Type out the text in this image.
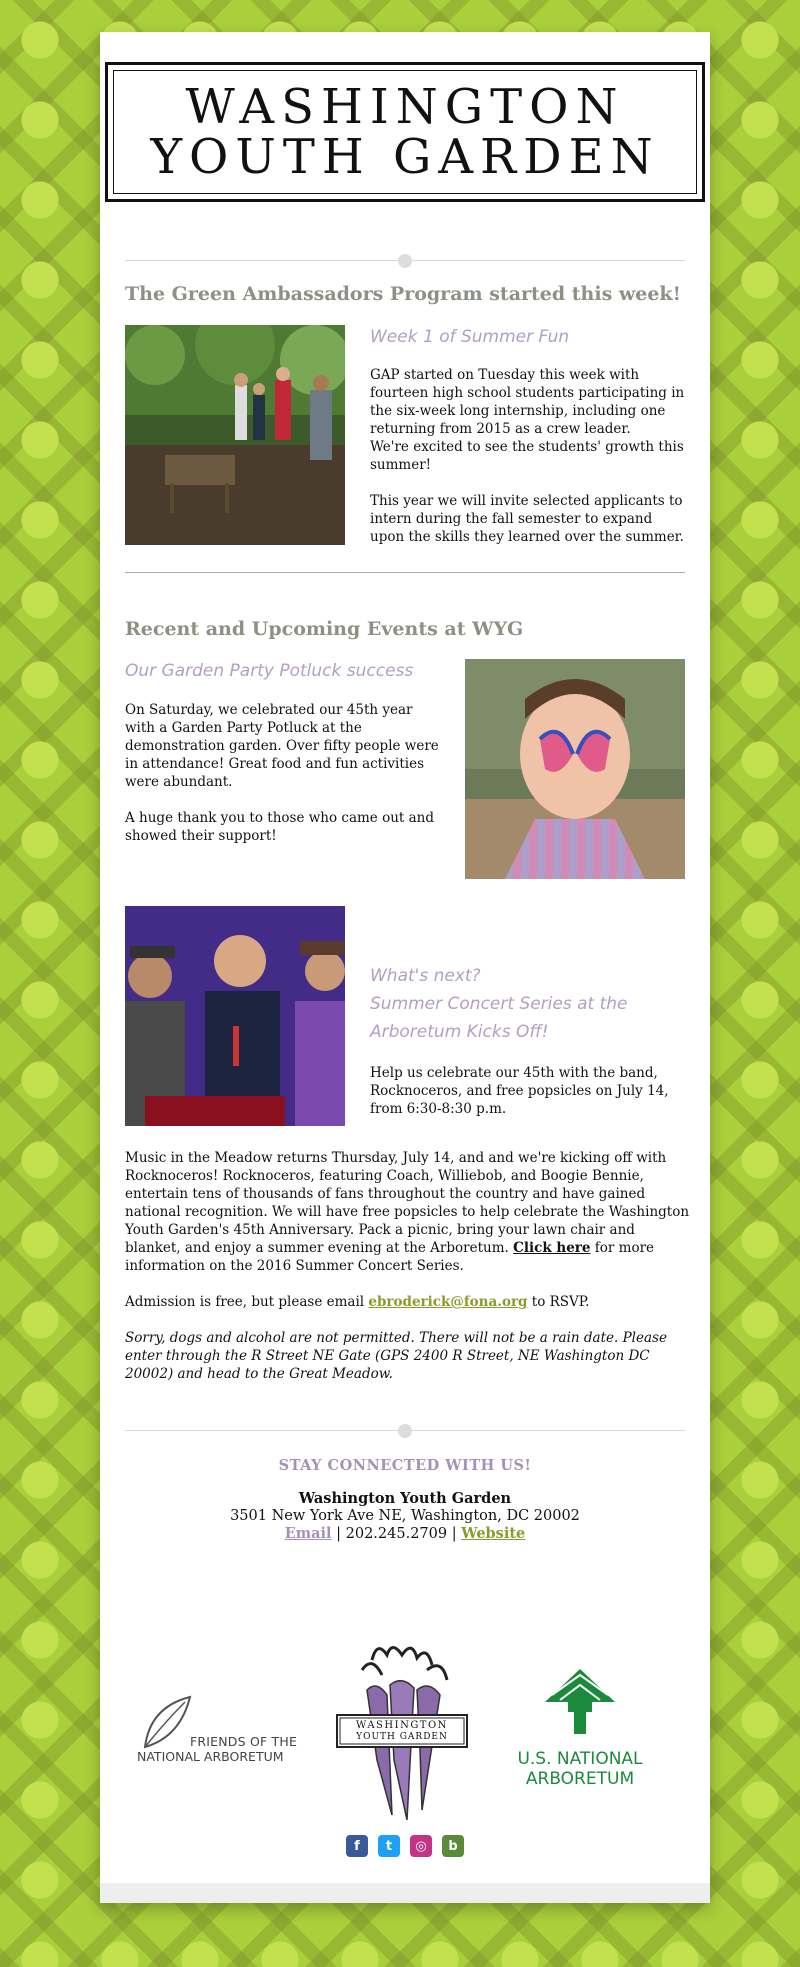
WASHINGTON
YOUTH GARDEN
The Green Ambassadors Program started this week!
Week 1 of Summer Fun

GAP started on Tuesday this week with fourteen high school students participating in the six-week long internship, including one returning from 2015 as a crew leader.

We're excited to see the students' growth this summer!

This year we will invite selected applicants to intern during the fall semester to expand upon the skills they learned over the summer.

Recent and Upcoming Events at WYG
Our Garden Party Potluck success

On Saturday, we celebrated our 45th year with a Garden Party Potluck at the demonstration garden. Over fifty people were in attendance! Great food and fun activities were abundant.

A huge thank you to those who came out and showed their support!

What's next?
Summer Concert Series at the Arboretum Kicks Off!
Help us celebrate our 45th with the band, Rocknoceros, and free popsicles on July 14, from 6:30-8:30 p.m.

Music in the Meadow returns Thursday, July 14, and and we're kicking off with Rocknoceros! Rocknoceros, featuring Coach, Williebob, and Boogie Bennie, entertain tens of thousands of fans throughout the country and have gained national recognition. We will have free popsicles to help celebrate the Washington Youth Garden's 45th Anniversary. Pack a picnic, bring your lawn chair and blanket, and enjoy a summer evening at the Arboretum. Click here for more information on the 2016 Summer Concert Series.

Admission is free, but please email ebroderick@fona.org to RSVP.

Sorry, dogs and alcohol are not permitted. There will not be a rain date. Please enter through the R Street NE Gate (GPS 2400 R Street, NE Washington DC 20002) and head to the Great Meadow.

STAY CONNECTED WITH US!
Washington Youth Garden
3501 New York Ave NE, Washington, DC 20002
Email | 202.245.2709 | Website
FRIENDS OF THE
NATIONAL ARBORETUM
WASHINGTON
YOUTH GARDEN
U.S. NATIONAL
ARBORETUM
f	t	◎	b
